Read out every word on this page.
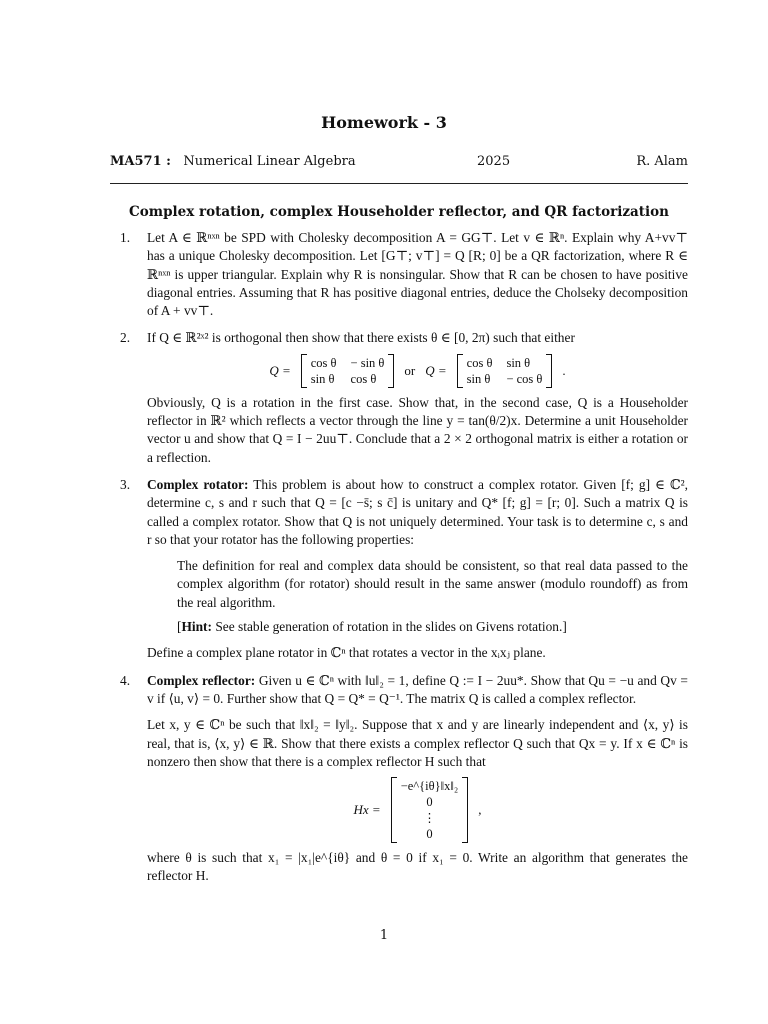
Homework - 3
MA571 : Numerical Linear Algebra	2025	R. Alam
Complex rotation, complex Householder reflector, and QR factorization
1. Let A ∈ ℝⁿˣⁿ be SPD with Cholesky decomposition A = GG⊤. Let v ∈ ℝⁿ. Explain why A+vv⊤ has a unique Cholesky decomposition. Let [G⊤; v⊤] = Q [R; 0] be a QR factorization, where R ∈ ℝⁿˣⁿ is upper triangular. Explain why R is nonsingular. Show that R can be chosen to have positive diagonal entries. Assuming that R has positive diagonal entries, deduce the Cholseky decomposition of A + vv⊤.

2. If Q ∈ ℝ²ˣ² is orthogonal then show that there exists θ ∈ [0, 2π) such that either

Q = cos θ − sin θ
sin θ cos θ
or Q = cos θ sin θ
sin θ − cos θ
.

Obviously, Q is a rotation in the first case. Show that, in the second case, Q is a Householder reflector in ℝ² which reflects a vector through the line y = tan(θ/2)x. Determine a unit Householder vector u and show that Q = I − 2uu⊤. Conclude that a 2 × 2 orthogonal matrix is either a rotation or a reflection.

3. Complex rotator: This problem is about how to construct a complex rotator. Given [f; g] ∈ ℂ², determine c, s and r such that Q = [c −s̄; s c̄] is unitary and Q* [f; g] = [r; 0]. Such a matrix Q is called a complex rotator. Show that Q is not uniquely determined. Your task is to determine c, s and r so that your rotator has the following properties:

The definition for real and complex data should be consistent, so that real data passed to the complex algorithm (for rotator) should result in the same answer (modulo roundoff) as from the real algorithm.

[Hint: See stable generation of rotation in the slides on Givens rotation.]

Define a complex plane rotator in ℂⁿ that rotates a vector in the xᵢxⱼ plane.

4. Complex reflector: Given u ∈ ℂⁿ with ‖u‖₂ = 1, define Q := I − 2uu*. Show that Qu = −u and Qv = v if ⟨u, v⟩ = 0. Further show that Q = Q* = Q⁻¹. The matrix Q is called a complex reflector.

Let x, y ∈ ℂⁿ be such that ‖x‖₂ = ‖y‖₂. Suppose that x and y are linearly independent and ⟨x, y⟩ is real, that is, ⟨x, y⟩ ∈ ℝ. Show that there exists a complex reflector Q such that Qx = y. If x ∈ ℂⁿ is nonzero then show that there is a complex reflector H such that

Hx =
−e^{iθ}‖x‖₂
0
⋮
0
,

where θ is such that x₁ = |x₁|e^{iθ} and θ = 0 if x₁ = 0. Write an algorithm that generates the reflector H.

1
